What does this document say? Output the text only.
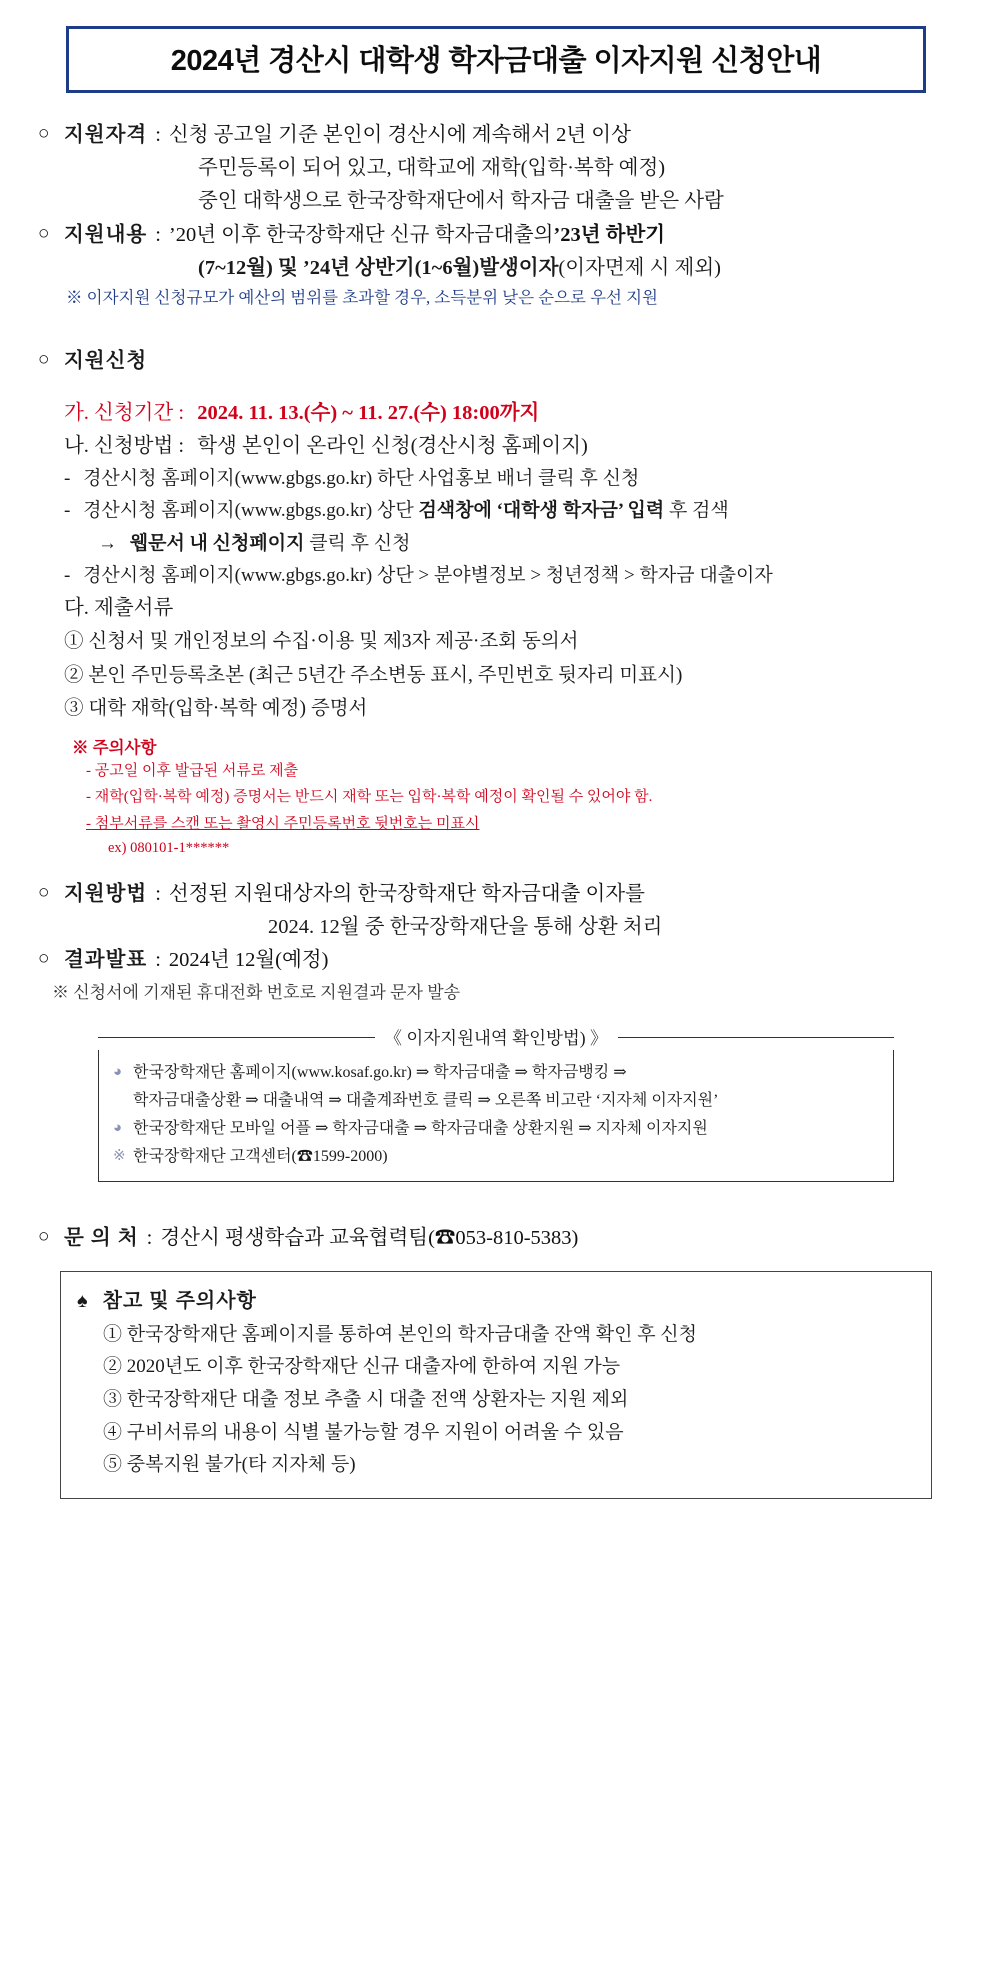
2024년 경산시 대학생 학자금대출 이자지원 신청안내
○ 지원자격 : 신청 공고일 기준 본인이 경산시에 계속해서 2년 이상
주민등록이 되어 있고, 대학교에 재학(입학·복학 예정)
중인 대학생으로 한국장학재단에서 학자금 대출을 받은 사람
○ 지원내용 : ’20년 이후 한국장학재단 신규 학자금대출의 ’23년 하반기
(7~12월) 및 ’24년 상반기(1~6월)발생이자(이자면제 시 제외)
※ 이자지원 신청규모가 예산의 범위를 초과할 경우, 소득분위 낮은 순으로 우선 지원
○ 지원신청
가. 신청기간 : 2024. 11. 13.(수) ~ 11. 27.(수) 18:00까지
나. 신청방법 : 학생 본인이 온라인 신청(경산시청 홈페이지)
- 경산시청 홈페이지(www.gbgs.go.kr) 하단 사업홍보 배너 클릭 후 신청
- 경산시청 홈페이지(www.gbgs.go.kr) 상단 검색창에 ‘대학생 학자금’ 입력 후 검색
→ 웹문서 내 신청페이지 클릭 후 신청
- 경산시청 홈페이지(www.gbgs.go.kr) 상단 > 분야별정보 > 청년정책 > 학자금 대출이자
다. 제출서류
① 신청서 및 개인정보의 수집·이용 및 제3자 제공·조회 동의서
② 본인 주민등록초본 (최근 5년간 주소변동 표시, 주민번호 뒷자리 미표시)
③ 대학 재학(입학·복학 예정) 증명서
※ 주의사항
- 공고일 이후 발급된 서류로 제출
- 재학(입학·복학 예정) 증명서는 반드시 재학 또는 입학·복학 예정이 확인될 수 있어야 함.
- 첨부서류를 스캔 또는 촬영시 주민등록번호 뒷번호는 미표시
ex) 080101-1******
○ 지원방법 : 선정된 지원대상자의 한국장학재단 학자금대출 이자를
2024. 12월 중 한국장학재단을 통해 상환 처리
○ 결과발표 : 2024년 12월(예정)
※ 신청서에 기재된 휴대전화 번호로 지원결과 문자 발송
《 이자지원내역 확인방법) 》
◕ 한국장학재단 홈페이지(www.kosaf.go.kr) ⇒ 학자금대출 ⇒ 학자금뱅킹 ⇒
학자금대출상환 ⇒ 대출내역 ⇒ 대출계좌번호 클릭 ⇒ 오른쪽 비고란 ‘지자체 이자지원’
◕ 한국장학재단 모바일 어플 ⇒ 학자금대출 ⇒ 학자금대출 상환지원 ⇒ 지자체 이자지원
※ 한국장학재단 고객센터(☎1599-2000)
○ 문 의 처 : 경산시 평생학습과 교육협력팀(☎053-810-5383)
♠ 참고 및 주의사항
① 한국장학재단 홈페이지를 통하여 본인의 학자금대출 잔액 확인 후 신청
② 2020년도 이후 한국장학재단 신규 대출자에 한하여 지원 가능
③ 한국장학재단 대출 정보 추출 시 대출 전액 상환자는 지원 제외
④ 구비서류의 내용이 식별 불가능할 경우 지원이 어려울 수 있음
⑤ 중복지원 불가(타 지자체 등)
